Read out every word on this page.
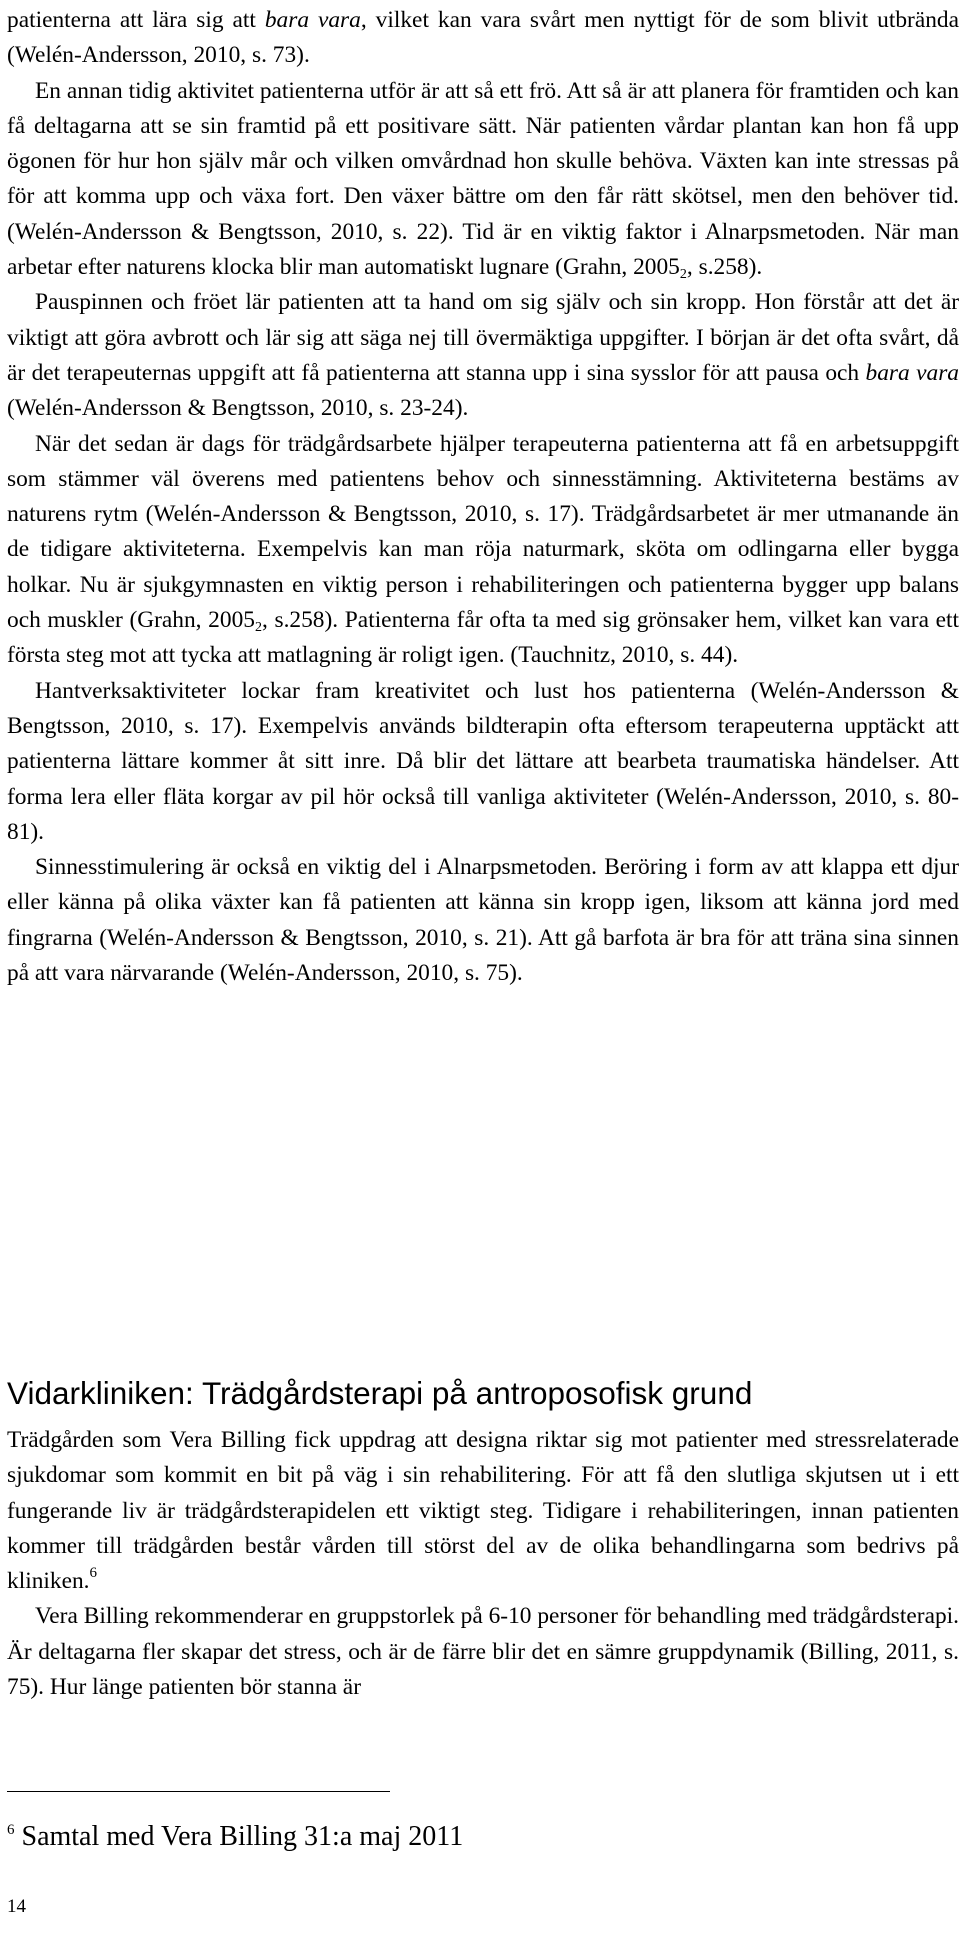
patienterna att lära sig att bara vara, vilket kan vara svårt men nyttigt för de som blivit utbrända (Welén-Andersson, 2010, s. 73).

En annan tidig aktivitet patienterna utför är att så ett frö. Att så är att planera för framtiden och kan få deltagarna att se sin framtid på ett positivare sätt. När patienten vårdar plantan kan hon få upp ögonen för hur hon själv mår och vilken omvårdnad hon skulle behöva. Växten kan inte stressas på för att komma upp och växa fort. Den växer bättre om den får rätt skötsel, men den behöver tid. (Welén-Andersson & Bengtsson, 2010, s. 22). Tid är en viktig faktor i Alnarpsmetoden. När man arbetar efter naturens klocka blir man automatiskt lugnare (Grahn, $2005_2$, s.258).

Pauspinnen och fröet lär patienten att ta hand om sig själv och sin kropp. Hon förstår att det är viktigt att göra avbrott och lär sig att säga nej till övermäktiga uppgifter. I början är det ofta svårt, då är det terapeuternas uppgift att få patienterna att stanna upp i sina sysslor för att pausa och bara vara (Welén-Andersson & Bengtsson, 2010, s. 23-24).

När det sedan är dags för trädgårdsarbete hjälper terapeuterna patienterna att få en arbetsuppgift som stämmer väl överens med patientens behov och sinnesstämning. Aktiviteterna bestäms av naturens rytm (Welén-Andersson & Bengtsson, 2010, s. 17). Trädgårdsarbetet är mer utmanande än de tidigare aktiviteterna. Exempelvis kan man röja naturmark, sköta om odlingarna eller bygga holkar. Nu är sjukgymnasten en viktig person i rehabiliteringen och patienterna bygger upp balans och muskler (Grahn, $2005_2$, s.258). Patienterna får ofta ta med sig grönsaker hem, vilket kan vara ett första steg mot att tycka att matlagning är roligt igen. (Tauchnitz, 2010, s. 44).

Hantverksaktiviteter lockar fram kreativitet och lust hos patienterna (Welén-Andersson & Bengtsson, 2010, s. 17). Exempelvis används bildterapin ofta eftersom terapeuterna upptäckt att patienterna lättare kommer åt sitt inre. Då blir det lättare att bearbeta traumatiska händelser. Att forma lera eller fläta korgar av pil hör också till vanliga aktiviteter (Welén-Andersson, 2010, s. 80-81).

Sinnesstimulering är också en viktig del i Alnarpsmetoden. Beröring i form av att klappa ett djur eller känna på olika växter kan få patienten att känna sin kropp igen, liksom att känna jord med fingrarna (Welén-Andersson & Bengtsson, 2010, s. 21). Att gå barfota är bra för att träna sina sinnen på att vara närvarande (Welén-Andersson, 2010, s. 75).

Vidarkliniken: Trädgårdsterapi på antroposofisk grund

Trädgården som Vera Billing fick uppdrag att designa riktar sig mot patienter med stressrelaterade sjukdomar som kommit en bit på väg i sin rehabilitering. För att få den slutliga skjutsen ut i ett fungerande liv är trädgårdsterapidelen ett viktigt steg. Tidigare i rehabiliteringen, innan patienten kommer till trädgården består vården till störst del av de olika behandlingarna som bedrivs på kliniken.$^6$

Vera Billing rekommenderar en gruppstorlek på 6-10 personer för behandling med trädgårdsterapi. Är deltagarna fler skapar det stress, och är de färre blir det en sämre gruppdynamik (Billing, 2011, s. 75). Hur länge patienten bör stanna är

$^6$ Samtal med Vera Billing 31:a maj 2011

14
